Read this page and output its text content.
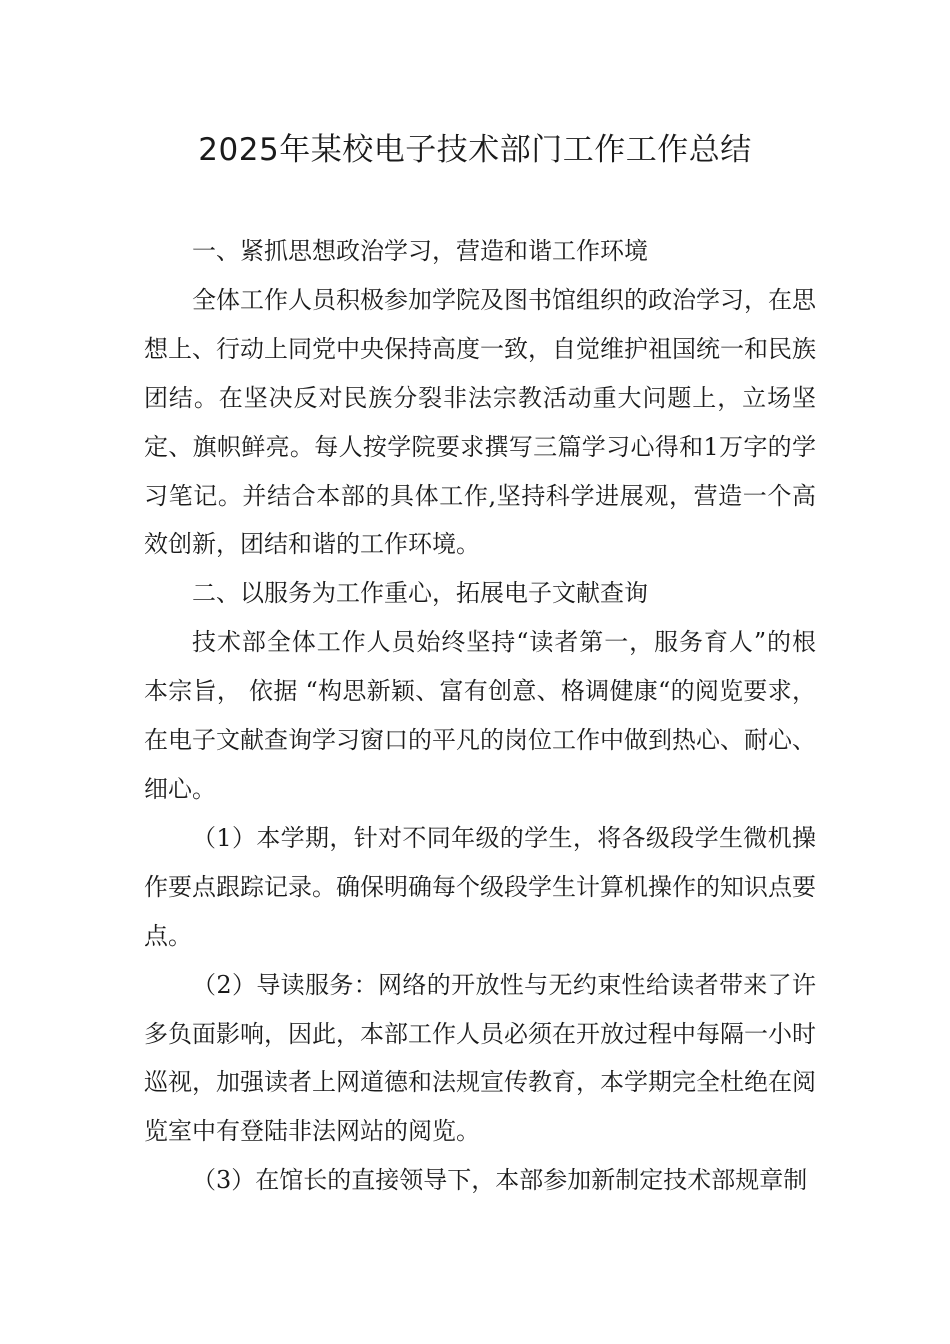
2025年某校电子技术部门工作工作总结

一、紧抓思想政治学习，营造和谐工作环境

全体工作人员积极参加学院及图书馆组织的政治学习，在思想上、行动上同党中央保持高度一致，自觉维护祖国统一和民族团结。在坚决反对民族分裂非法宗教活动重大问题上，立场坚定、旗帜鲜亮。每人按学院要求撰写三篇学习心得和1万字的学习笔记。并结合本部的具体工作,坚持科学进展观，营造一个高效创新，团结和谐的工作环境。

二、以服务为工作重心，拓展电子文献查询

技术部全体工作人员始终坚持“读者第一，服务育人”的根本宗旨， 依据 “构思新颖、富有创意、格调健康“的阅览要求，在电子文献查询学习窗口的平凡的岗位工作中做到热心、耐心、细心。

（1）本学期，针对不同年级的学生，将各级段学生微机操作要点跟踪记录。确保明确每个级段学生计算机操作的知识点要点。

（2）导读服务：网络的开放性与无约束性给读者带来了许多负面影响，因此，本部工作人员必须在开放过程中每隔一小时巡视，加强读者上网道德和法规宣传教育，本学期完全杜绝在阅览室中有登陆非法网站的阅览。

（3）在馆长的直接领导下，本部参加新制定技术部规章制
